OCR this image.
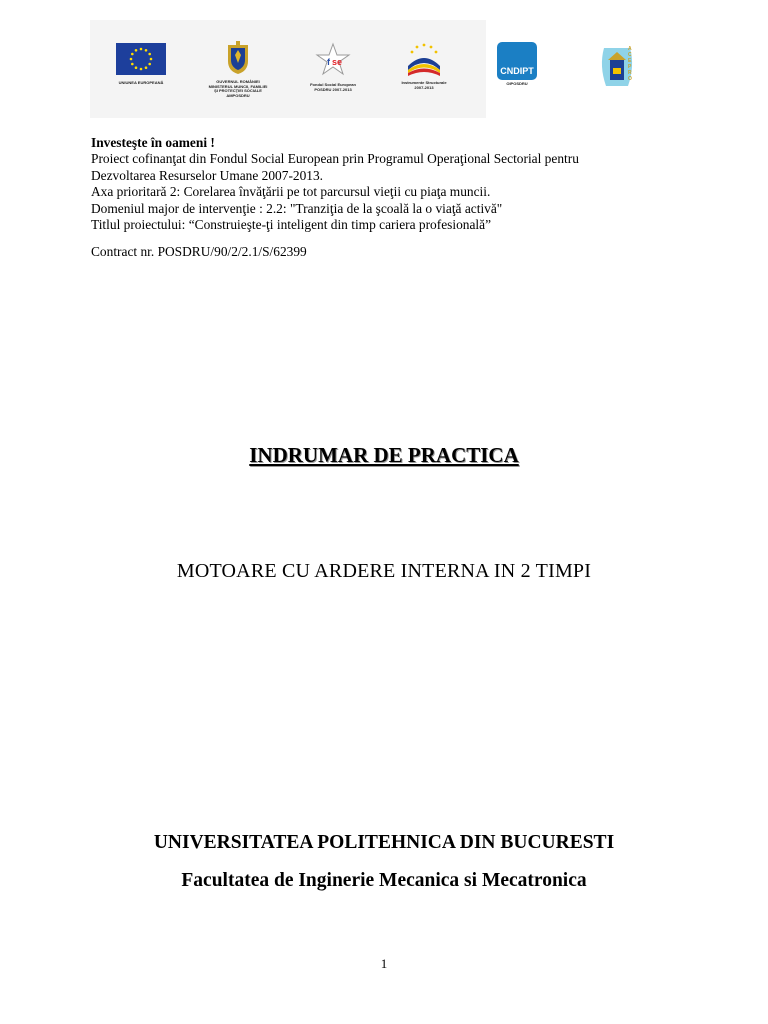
UNIUNEA EUROPEANĂ	GUVERNUL ROMÂNIEI
MINISTERUL MUNCII, FAMILIEI
ŞI PROTECŢIEI SOCIALE
AMPOSDRU
f se
Fondul Social European
POSDRU 2007-2013
Instrumente Structurale
2007-2013
CNDIPT
OIPOSDRU
ACEPRO
Investeşte în oameni !
Proiect cofinanţat din Fondul Social European prin Programul Operaţional Sectorial pentru
Dezvoltarea Resurselor Umane 2007-2013.
Axa prioritară 2: Corelarea învăţării pe tot parcursul vieţii cu piaţa muncii.
Domeniul major de intervenţie : 2.2: "Tranziţia de la şcoală la o viaţă activă"
Titlul proiectului: “Construieşte-ţi inteligent din timp cariera profesională”
Contract nr. POSDRU/90/2/2.1/S/62399
INDRUMAR DE PRACTICA
MOTOARE CU ARDERE INTERNA IN 2 TIMPI
UNIVERSITATEA POLITEHNICA DIN BUCURESTI
Facultatea de Inginerie Mecanica si Mecatronica
1
